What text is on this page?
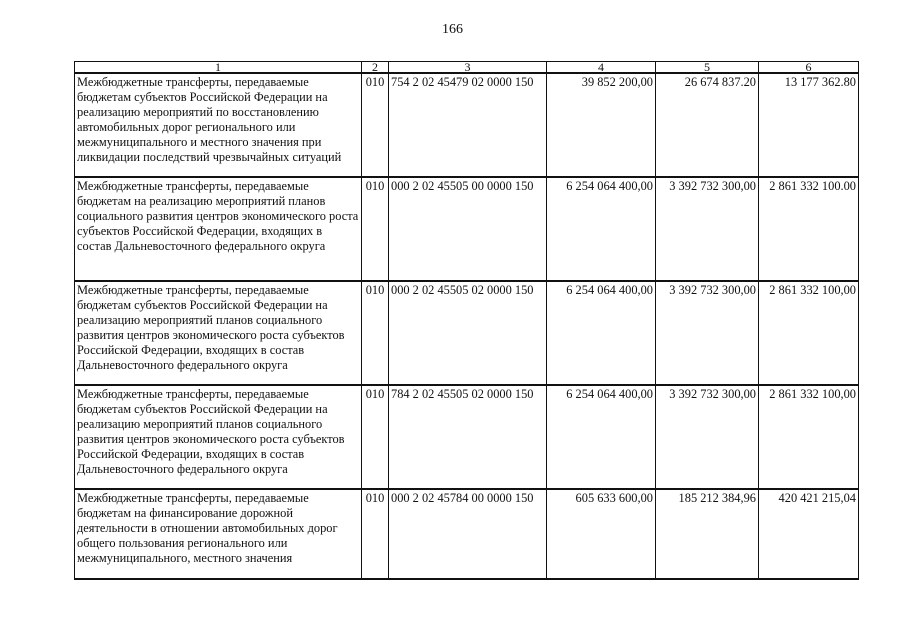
166
1	2	3	4	5	6
Межбюджетные трансферты, передаваемые бюджетам субъектов Российской Федерации на реализацию мероприятий по восстановлению автомобильных дорог регионального или межмуниципального и местного значения при ликвидации последствий чрезвычайных ситуаций	010	754 2 02 45479 02 0000 150	39 852 200,00	26 674 837.20	13 177 362.80
Межбюджетные трансферты, передаваемые бюджетам на реализацию мероприятий планов социального развития центров экономического роста субъектов Российской Федерации, входящих в состав Дальневосточного федерального округа	010	000 2 02 45505 00 0000 150	6 254 064 400,00	3 392 732 300,00	2 861 332 100.00
Межбюджетные трансферты, передаваемые бюджетам субъектов Российской Федерации на реализацию мероприятий планов социального развития центров экономического роста субъектов Российской Федерации, входящих в состав Дальневосточного федерального округа	010	000 2 02 45505 02 0000 150	6 254 064 400,00	3 392 732 300,00	2 861 332 100,00
Межбюджетные трансферты, передаваемые бюджетам субъектов Российской Федерации на реализацию мероприятий планов социального развития центров экономического роста субъектов Российской Федерации, входящих в состав Дальневосточного федерального округа	010	784 2 02 45505 02 0000 150	6 254 064 400,00	3 392 732 300,00	2 861 332 100,00
Межбюджетные трансферты, передаваемые бюджетам на финансирование дорожной деятельности в отношении автомобильных дорог общего пользования регионального или межмуниципального, местного значения	010	000 2 02 45784 00 0000 150	605 633 600,00	185 212 384,96	420 421 215,04
